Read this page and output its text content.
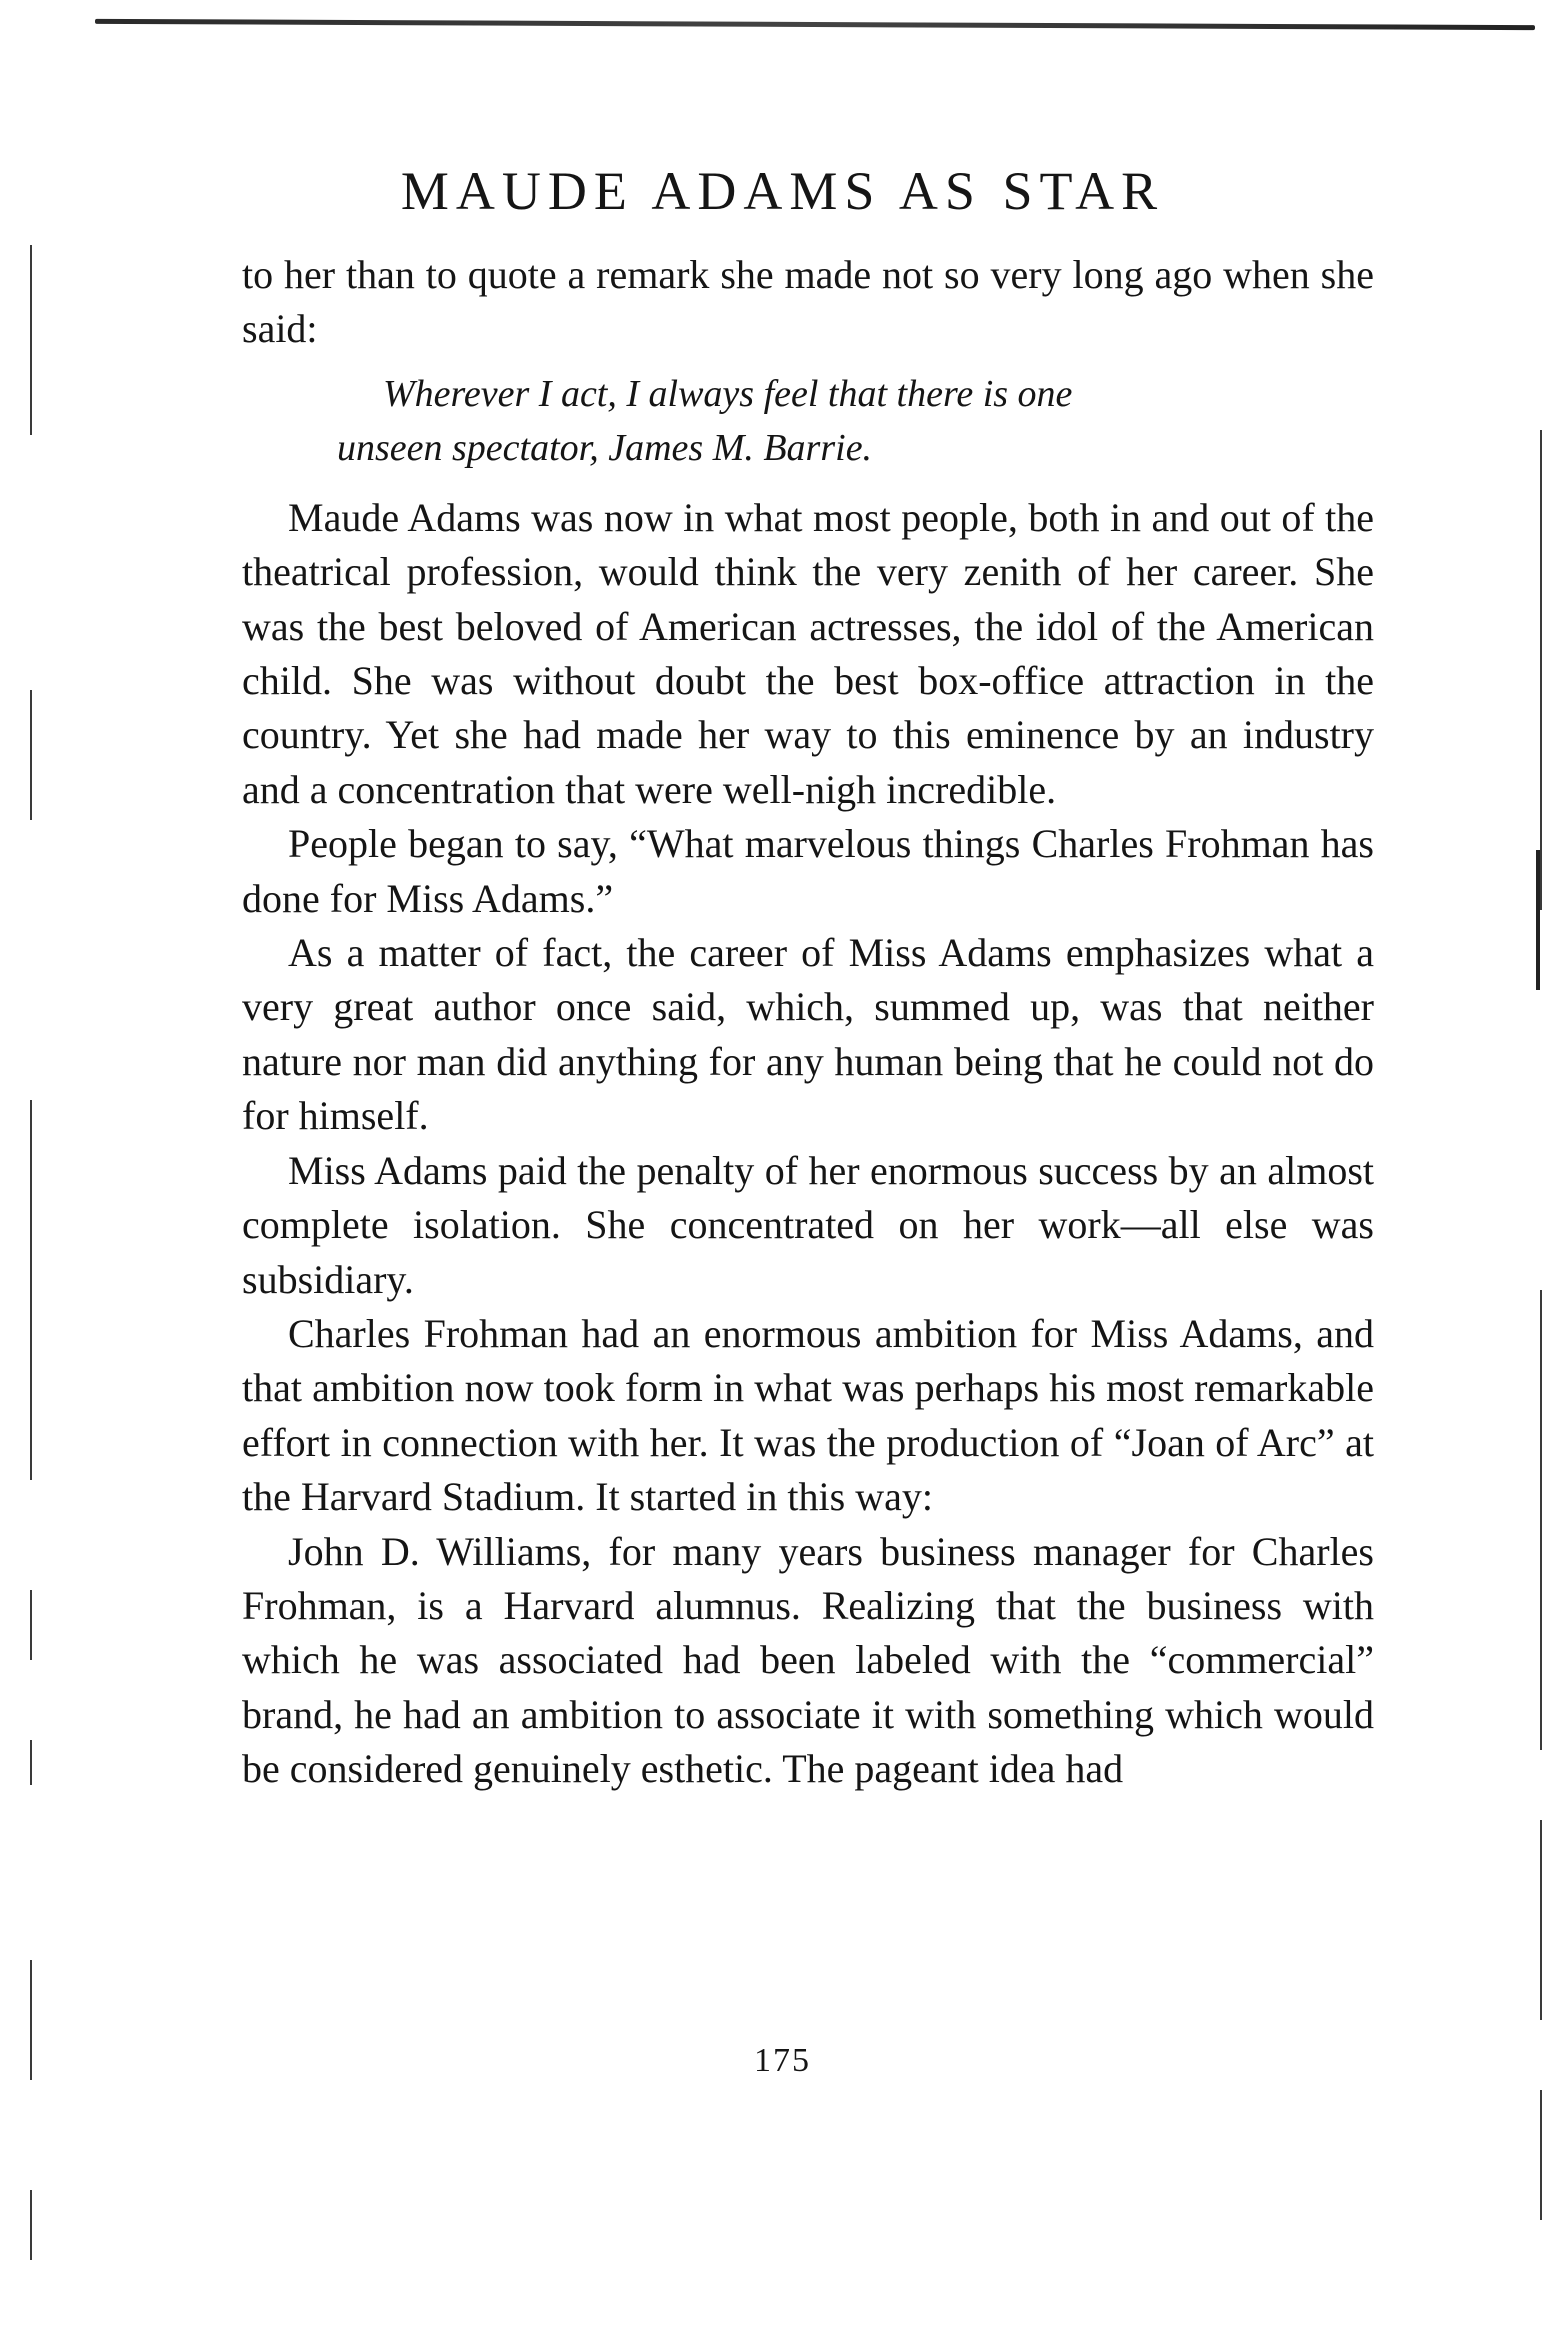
MAUDE ADAMS AS STAR

to her than to quote a remark she made not so very long ago when she said:

Wherever I act, I always feel that there is one
unseen spectator, James M. Barrie.

Maude Adams was now in what most people, both in and out of the theatrical profession, would think the very zenith of her career. She was the best beloved of American actresses, the idol of the American child. She was without doubt the best box-office attraction in the country. Yet she had made her way to this eminence by an industry and a concentration that were well-nigh incredible.

People began to say, “What marvelous things Charles Frohman has done for Miss Adams.”

As a matter of fact, the career of Miss Adams emphasizes what a very great author once said, which, summed up, was that neither nature nor man did anything for any human being that he could not do for himself.

Miss Adams paid the penalty of her enormous success by an almost complete isolation. She concentrated on her work—all else was subsidiary.

Charles Frohman had an enormous ambition for Miss Adams, and that ambition now took form in what was perhaps his most remarkable effort in connection with her. It was the production of “Joan of Arc” at the Harvard Stadium. It started in this way:

John D. Williams, for many years business manager for Charles Frohman, is a Harvard alumnus. Realizing that the business with which he was associated had been labeled with the “commercial” brand, he had an ambition to associate it with something which would be considered genuinely esthetic. The pageant idea had

175
